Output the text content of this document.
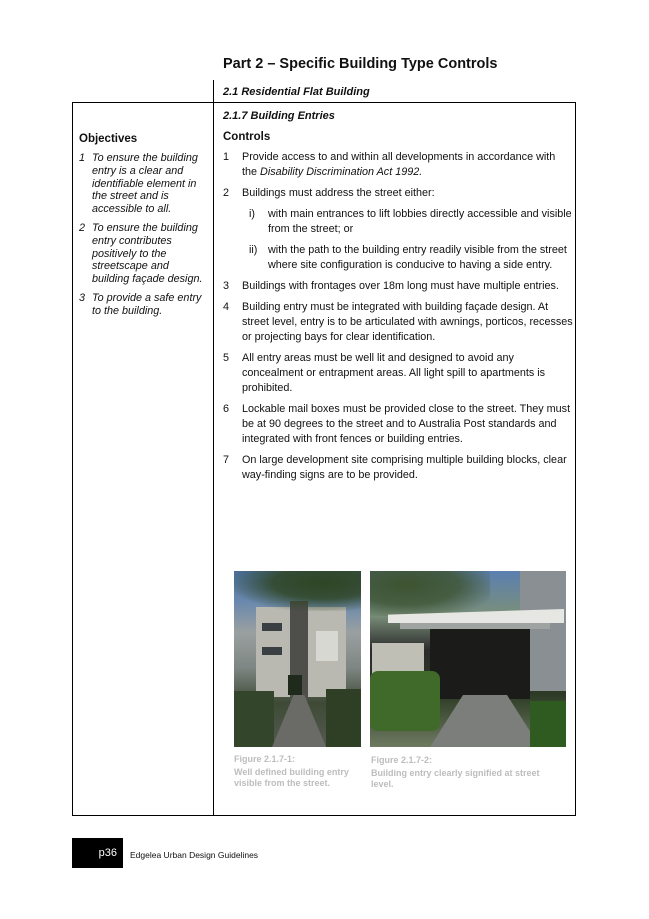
Part 2 – Specific Building Type Controls
2.1 Residential Flat Building
Objectives
1 To ensure the building entry is a clear and identifiable element in the street and is accessible to all.
2 To ensure the building entry contributes positively to the streetscape and building façade design.
3 To provide a safe entry to the building.
2.1.7 Building Entries
Controls
1	Provide access to and within all developments in accordance with the Disability Discrimination Act 1992.
2	Buildings must address the street either:
i)	with main entrances to lift lobbies directly accessible and visible from the street; or
ii) with the path to the building entry readily visible from the street where site configuration is conducive to having a side entry.
3	Buildings with frontages over 18m long must have multiple entries.
4	Building entry must be integrated with building façade design. At street level, entry is to be articulated with awnings, porticos, recesses or projecting bays for clear identification.
5	All entry areas must be well lit and designed to avoid any concealment or entrapment areas. All light spill to apartments is prohibited.
6	Lockable mail boxes must be provided close to the street. They must be at 90 degrees to the street and to Australia Post standards and integrated with front fences or building entries.
7	On large development site comprising multiple building blocks, clear way-finding signs are to be provided.
Figure 2.1.7-1:
Well defined building entry visible from the street.
Figure 2.1.7-2:
Building entry clearly signified at street level.
p36	Edgelea Urban Design Guidelines
